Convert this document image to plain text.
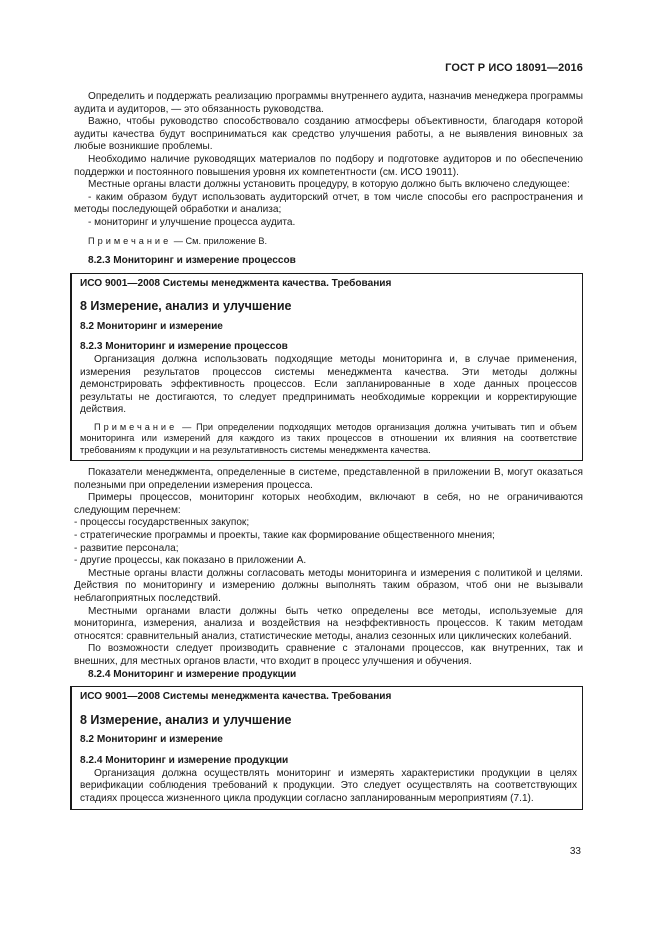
ГОСТ Р ИСО 18091—2016

Определить и поддержать реализацию программы внутреннего аудита, назначив менеджера программы аудита и аудиторов, — это обязанность руководства.

Важно, чтобы руководство способствовало созданию атмосферы объективности, благодаря которой аудиты качества будут восприниматься как средство улучшения работы, а не выявления виновных за любые возникшие проблемы.

Необходимо наличие руководящих материалов по подбору и подготовке аудиторов и по обеспечению поддержки и постоянного повышения уровня их компетентности (см. ИСО 19011).

Местные органы власти должны установить процедуру, в которую должно быть включено следующее:

- каким образом будут использовать аудиторский отчет, в том числе способы его распространения и методы последующей обработки и анализа;

- мониторинг и улучшение процесса аудита.

Примечание — См. приложение В.

8.2.3 Мониторинг и измерение процессов

ИСО 9001—2008 Системы менеджмента качества. Требования

8 Измерение, анализ и улучшение

8.2 Мониторинг и измерение

8.2.3 Мониторинг и измерение процессов

Организация должна использовать подходящие методы мониторинга и, в случае применения, измерения результатов процессов системы менеджмента качества. Эти методы должны демонстрировать эффективность процессов. Если запланированные в ходе данных процессов результаты не достигаются, то следует предпринимать необходимые коррекции и корректирующие действия.

Примечание — При определении подходящих методов организация должна учитывать тип и объем мониторинга или измерений для каждого из таких процессов в отношении их влияния на соответствие требованиям к продукции и на результативность системы менеджмента качества.

Показатели менеджмента, определенные в системе, представленной в приложении В, могут оказаться полезными при определении измерения процесса.

Примеры процессов, мониторинг которых необходим, включают в себя, но не ограничиваются следующим перечнем:

- процессы государственных закупок;

- стратегические программы и проекты, такие как формирование общественного мнения;

- развитие персонала;

- другие процессы, как показано в приложении А.

Местные органы власти должны согласовать методы мониторинга и измерения с политикой и целями. Действия по мониторингу и измерению должны выполнять таким образом, чтоб они не вызывали неблагоприятных последствий.

Местными органами власти должны быть четко определены все методы, используемые для мониторинга, измерения, анализа и воздействия на неэффективность процессов. К таким методам относятся: сравнительный анализ, статистические методы, анализ сезонных или циклических колебаний.

По возможности следует производить сравнение с эталонами процессов, как внутренних, так и внешних, для местных органов власти, что входит в процесс улучшения и обучения.

8.2.4 Мониторинг и измерение продукции

ИСО 9001—2008 Системы менеджмента качества. Требования

8 Измерение, анализ и улучшение

8.2 Мониторинг и измерение

8.2.4 Мониторинг и измерение продукции

Организация должна осуществлять мониторинг и измерять характеристики продукции в целях верификации соблюдения требований к продукции. Это следует осуществлять на соответствующих стадиях процесса жизненного цикла продукции согласно запланированным мероприятиям (7.1).

33
